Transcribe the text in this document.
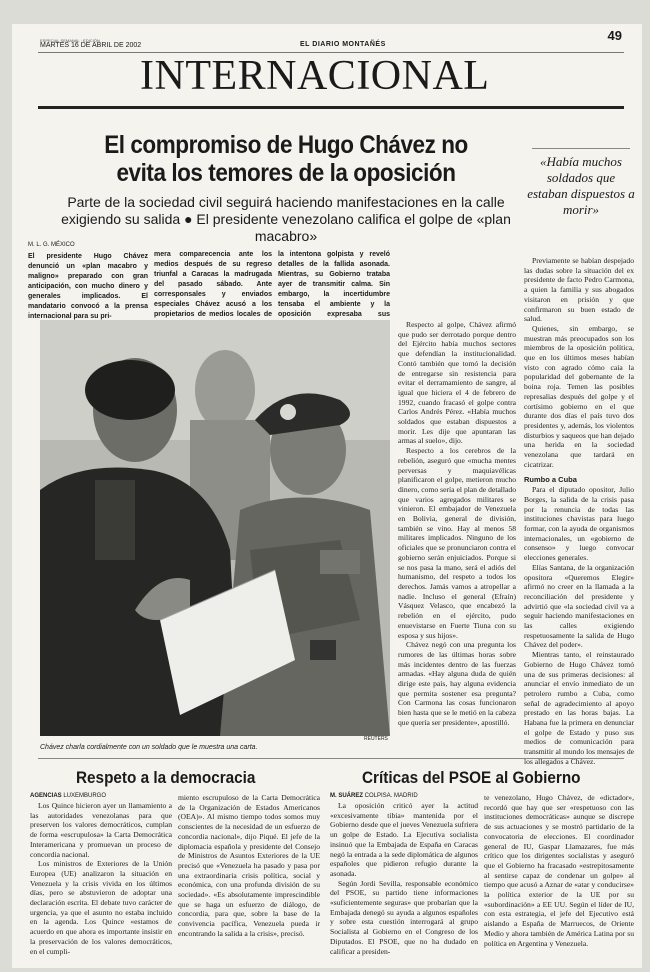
ESPECIAL SEMANAL · EDICIÓN
MARTES 16 DE ABRIL DE 2002	EL DIARIO MONTAÑÉS
49
INTERNACIONAL
El compromiso de Hugo Chávez no
evita los temores de la oposición	«Había muchos soldados que estaban dispuestos a morir»
Parte de la sociedad civil seguirá haciendo manifestaciones en la calle exigiendo su salida ● El presidente venezolano califica el golpe de «plan macabro»
M. L. G. MÉXICO
El presidente Hugo Chávez denunció un «plan macabro y maligno» preparado con gran anticipación, con mucho dinero y generales implicados. El mandatario convocó a la prensa internacional para su pri-
mera comparecencia ante los medios después de su regreso triunfal a Caracas la madrugada del pasado sábado. Ante corresponsales y enviados especiales Chávez acusó a los propietarios de medios locales de
la intentona golpista y reveló detalles de la fallida asonada. Mientras, su Gobierno trataba ayer de transmitir calma. Sin embargo, la incertidumbre tensaba el ambiente y la oposición expresaba sus
REUTERS
Chávez charla cordialmente con un soldado que le muestra una carta.

Respecto al golpe, Chávez afirmó que pudo ser derrotado porque dentro del Ejército había muchos sectores que defendían la institucionalidad. Contó también que tomó la decisión de entregarse sin resistencia para evitar el derramamiento de sangre, al igual que hiciera el 4 de febrero de 1992, cuando fracasó el golpe contra Carlos Andrés Pérez. «Había muchos soldados que estaban dispuestos a morir. Les dije que apuntaran las armas al suelo», dijo.

Respecto a los cerebros de la rebelión, aseguró que «mucha mentes perversas y maquiavélicas planificaron el golpe, metieron mucho dinero, como sería el plan de detallado que varios agregados militares se vinieron. El embajador de Venezuela en Bolivia, general de división, también se vino. Hay al menos 58 militares implicados. Ninguno de los oficiales que se pronunciaron contra el gobierno serán enjuiciados. Porque si se nos pasa la mano, será el adiós del humanismo, del respeto a todos los derechos. Jamás vamos a atropellar a nadie. Incluso el general (Efraín) Vásquez Velasco, que encabezó la rebelión en el ejército, pudo enuevistarse en Fuerte Tiuna con su esposa y sus hijos».

Chávez negó con una pregunta los rumores de las últimas horas sobre más incidentes dentro de las fuerzas armadas. «Hay alguna duda de quién dirige este país, hay alguna evidencia que permita sostener esa pregunta? Con Carmona las cosas funcionaron bien hasta que se le metió en la cabeza que quería ser presidente», apostilló.

Previamente se habían despejado las dudas sobre la situación del ex presidente de facto Pedro Carmona, a quien la familia y sus abogados visitaron en prisión y que confirmaron su buen estado de salud.

Quienes, sin embargo, se muestran más preocupados son los miembros de la oposición política, que en los últimos meses habían visto con agrado cómo caía la popularidad del gobernante de la boina roja. Temen las posibles represalias después del golpe y el cortísimo gobierno en el que durante dos días el país tuvo dos presidentes y, además, los violentos disturbios y saqueos que han dejado una herida en la sociedad venezolana que tardará en cicatrizar.

Rumbo a Cuba

Para el diputado opositor, Julio Borges, la salida de la crisis pasa por la renuncia de todas las instituciones chavistas para luego formar, con la ayuda de organismos internacionales, un «gobierno de consenso» y luego convocar elecciones generales.

Elías Santana, de la organización opositora «Queremos Elegir» afirmó no creer en la llamada a la reconciliación del presidente y advirtió que «la sociedad civil va a seguir haciendo manifestaciones en las calles exigiendo respetuosamente la salida de Hugo Chávez del poder».

Mientras tanto, el reinstaurado Gobierno de Hugo Chávez tomó una de sus primeras decisiones: al anunciar el envío inmediato de un petrolero rumbo a Cuba, como señal de agradecimiento al apoyo prestado en las horas bajas. La Habana fue la primera en denunciar el golpe de Estado y puso sus medios de comunicación para transmitir al mundo los mensajes de los allegados a Chávez.

Respeto a la democracia
AGENCIAS LUXEMBURGO

Los Quince hicieron ayer un llamamiento a las autoridades venezolanas para que preserven los valores democráticos, cumplan de forma «escrupulosa» la Carta Democrática Interamericana y promuevan un proceso de concordia nacional.

Los ministros de Exteriores de la Unión Europea (UE) analizaron la situación en Venezuela y la crisis vivida en los últimos días, pero se abstuvieron de adoptar una declaración escrita. El debate tuvo carácter de urgencia, ya que el asunto no estaba incluido en la agenda. Los Quince «estamos de acuerdo en que ahora es importante insistir en la preservación de los valores democráticos, en el cumpli-

miento escrupuloso de la Carta Democrática de la Organización de Estados Americanos (OEA)». Al mismo tiempo todos somos muy conscientes de la necesidad de un esfuerzo de concordia nacional», dijo Piqué. El jefe de la diplomacia española y presidente del Consejo de Ministros de Asuntos Exteriores de la UE precisó que «Venezuela ha pasado y pasa por una extraordinaria crisis política, social y económica, con una profunda división de su sociedad». «Es absolutamente imprescindible que se haga un esfuerzo de diálogo, de concordia, para que, sobre la base de la convivencia pacífica, Venezuela pueda ir encontrando la salida a la crisis», precisó.

Críticas del PSOE al Gobierno
M. SUÁREZ COLPISA. MADRID

La oposición criticó ayer la actitud «excesivamente tibia» mantenida por el Gobierno desde que el jueves Venezuela sufriera un golpe de Estado. La Ejecutiva socialista insinuó que la Embajada de España en Caracas negó la entrada a la sede diplomática de algunos españoles que pidieron refugio durante la asonada.

Según Jordi Sevilla, responsable económico del PSOE, su partido tiene informaciones «suficientemente seguras» que probarían que la Embajada denegó su ayuda a algunos españoles y sobre esta cuestión interrogará al grupo Socialista al Gobierno en el Congreso de los Diputados. El PSOE, que no ha dudado en calificar a presiden-

te venezolano, Hugo Chávez, de «dictador», recordó que hay que ser «respetuoso con las instituciones democráticas» aunque se discrepe de sus actuaciones y se mostró partidario de la convocatoria de elecciones. El coordinador general de IU, Gaspar Llamazares, fue más crítico que los dirigentes socialistas y aseguró que el Gobierno ha fracasado «estrepitosamente al sentirse capaz de condenar un golpe» al tiempo que acusó a Aznar de «atar y conducirse» la política exterior de la UE por su «subordinación» a EE UU. Según el líder de IU, con esta estrategia, el jefe del Ejecutivo está aislando a España de Marruecos, de Oriente Medio y ahora también de América Latina por su política en Argentina y Venezuela.
